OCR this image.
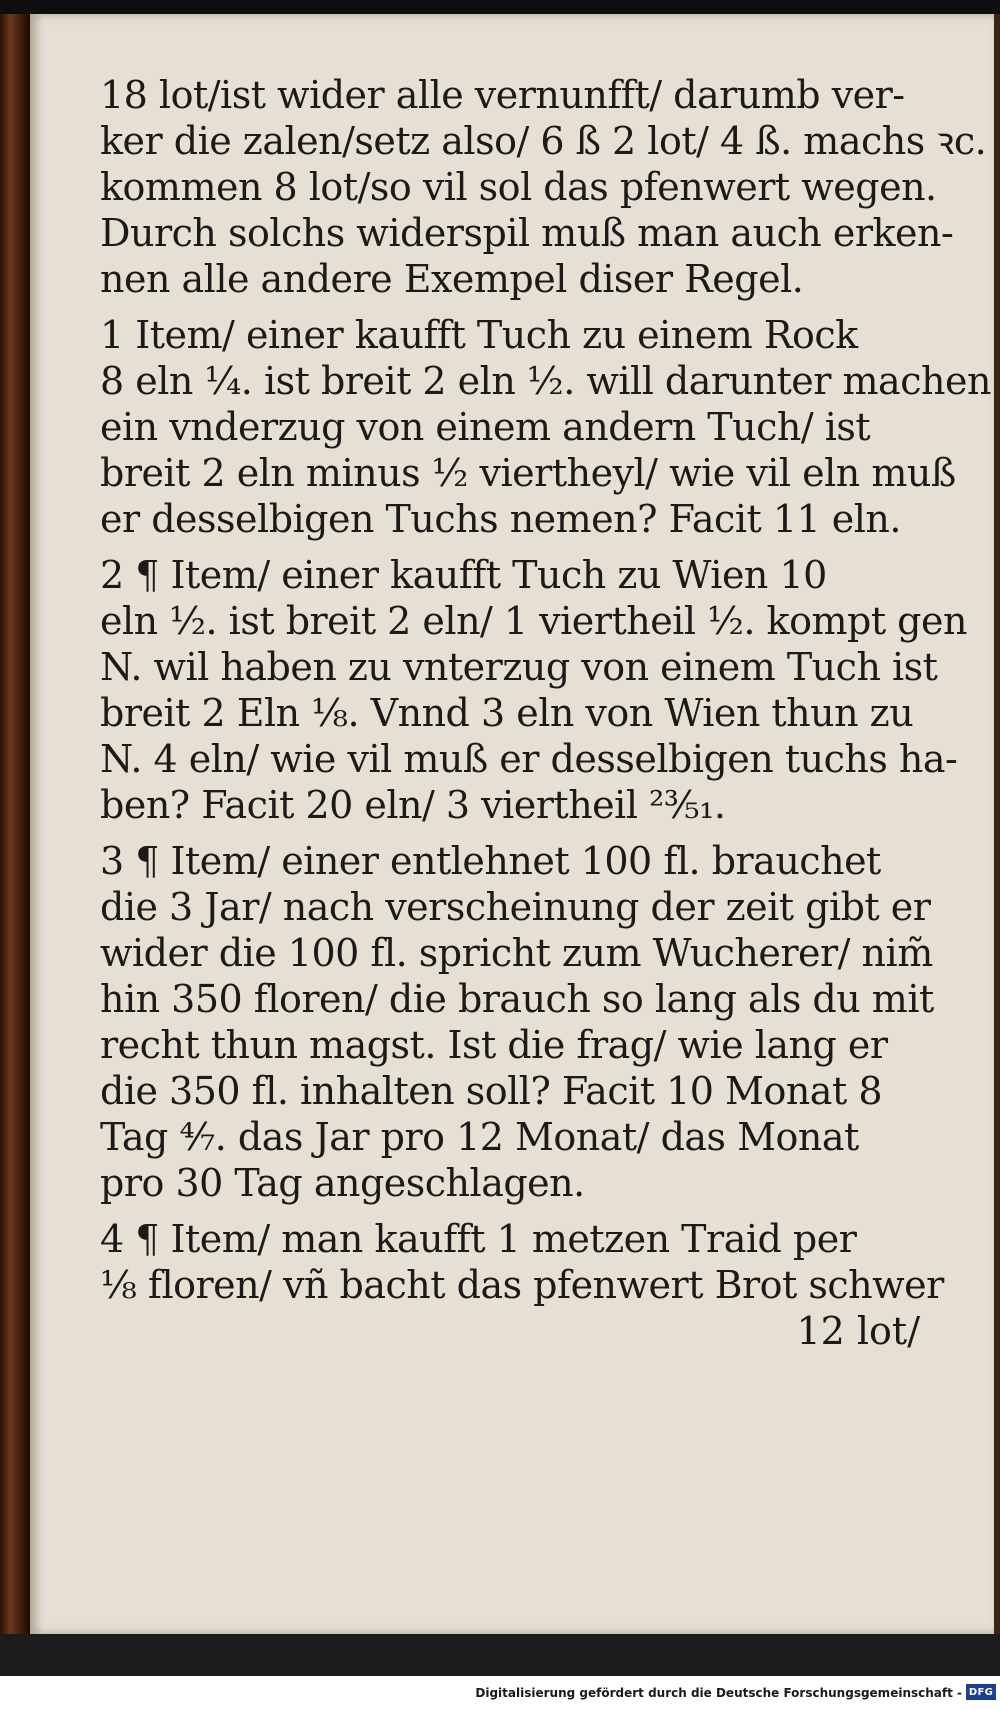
18 lot/ist wider alle vernunfft/ darumb ver-
ker die zalen/setz also/ 6 ß 2 lot/ 4 ß. machs ꝛc.
kommen 8 lot/so vil sol das pfenwert wegen.
Durch solchs widerspil muß man auch erken-
nen alle andere Exempel diser Regel.
1 Item/ einer kaufft Tuch zu einem Rock
8 eln ¼. ist breit 2 eln ½. will darunter machen
ein vnderzug von einem andern Tuch/ ist
breit 2 eln minus ½ viertheyl/ wie vil eln muß
er desselbigen Tuchs nemen? Facit 11 eln.
2 ¶ Item/ einer kaufft Tuch zu Wien 10
eln ½. ist breit 2 eln/ 1 viertheil ½. kompt gen
N. wil haben zu vnterzug von einem Tuch ist
breit 2 Eln ⅛. Vnnd 3 eln von Wien thun zu
N. 4 eln/ wie vil muß er desselbigen tuchs ha-
ben? Facit 20 eln/ 3 viertheil ²³⁄₅₁.
3 ¶ Item/ einer entlehnet 100 fl. brauchet
die 3 Jar/ nach verscheinung der zeit gibt er
wider die 100 fl. spricht zum Wucherer/ nim̃
hin 350 floren/ die brauch so lang als du mit
recht thun magst. Ist die frag/ wie lang er
die 350 fl. inhalten soll? Facit 10 Monat 8
Tag ⁴⁄₇. das Jar pro 12 Monat/ das Monat
pro 30 Tag angeschlagen.
4 ¶ Item/ man kaufft 1 metzen Traid per
⅛ floren/ vñ bacht das pfenwert Brot schwer
12 lot/
Digitalisierung gefördert durch die Deutsche Forschungsgemeinschaft - DFG
